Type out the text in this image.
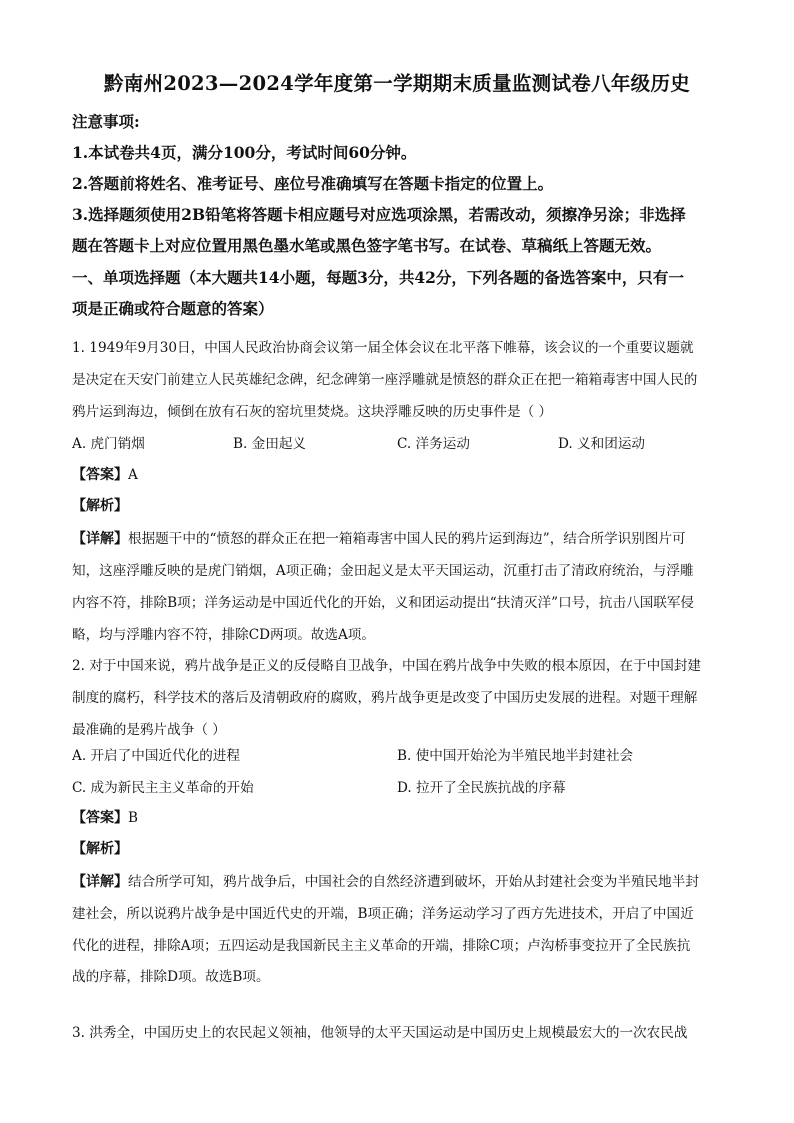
黔南州2023—2024学年度第一学期期末质量监测试卷八年级历史
注意事项:
1.本试卷共4页，满分100分，考试时间60分钟。
2.答题前将姓名、准考证号、座位号准确填写在答题卡指定的位置上。
3.选择题须使用2B铅笔将答题卡相应题号对应选项涂黑，若需改动，须擦净另涂；非选择
题在答题卡上对应位置用黑色墨水笔或黑色签字笔书写。在试卷、草稿纸上答题无效。
一、单项选择题（本大题共14小题，每题3分，共42分，下列各题的备选答案中，只有一
项是正确或符合题意的答案）
1. 1949年9月30日，中国人民政治协商会议第一届全体会议在北平落下帷幕，该会议的一个重要议题就
是决定在天安门前建立人民英雄纪念碑，纪念碑第一座浮雕就是愤怒的群众正在把一箱箱毒害中国人民的
鸦片运到海边，倾倒在放有石灰的窑坑里焚烧。这块浮雕反映的历史事件是（ ）
A. 虎门销烟	B. 金田起义	C. 洋务运动	D. 义和团运动
【答案】A
【解析】
【详解】根据题干中的“愤怒的群众正在把一箱箱毒害中国人民的鸦片运到海边”，结合所学识别图片可
知，这座浮雕反映的是虎门销烟，A项正确；金田起义是太平天国运动，沉重打击了清政府统治，与浮雕
内容不符，排除B项；洋务运动是中国近代化的开始，义和团运动提出“扶清灭洋”口号，抗击八国联军侵
略，均与浮雕内容不符，排除CD两项。故选A项。
2. 对于中国来说，鸦片战争是正义的反侵略自卫战争，中国在鸦片战争中失败的根本原因，在于中国封建
制度的腐朽，科学技术的落后及清朝政府的腐败，鸦片战争更是改变了中国历史发展的进程。对题干理解
最准确的是鸦片战争（ ）
A. 开启了中国近代化的进程	B. 使中国开始沦为半殖民地半封建社会
C. 成为新民主主义革命的开始	D. 拉开了全民族抗战的序幕
【答案】B
【解析】
【详解】结合所学可知，鸦片战争后，中国社会的自然经济遭到破坏，开始从封建社会变为半殖民地半封
建社会，所以说鸦片战争是中国近代史的开端，B项正确；洋务运动学习了西方先进技术，开启了中国近
代化的进程，排除A项；五四运动是我国新民主主义革命的开端，排除C项；卢沟桥事变拉开了全民族抗
战的序幕，排除D项。故选B项。
3. 洪秀全，中国历史上的农民起义领袖，他领导的太平天国运动是中国历史上规模最宏大的一次农民战
